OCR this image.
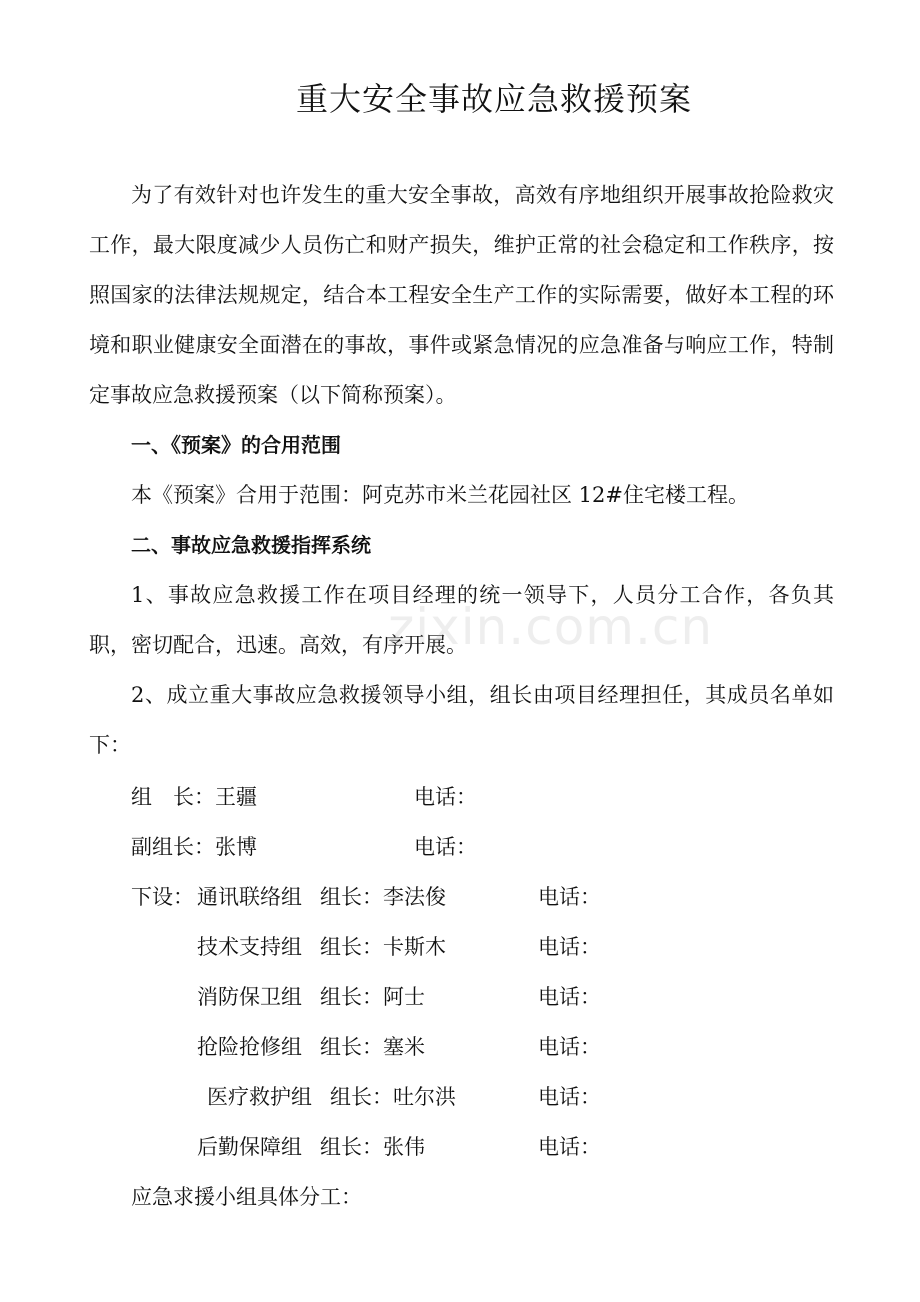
重大安全事故应急救援预案

为了有效针对也许发生的重大安全事故，高效有序地组织开展事故抢险救灾工作，最大限度减少人员伤亡和财产损失，维护正常的社会稳定和工作秩序，按照国家的法律法规规定，结合本工程安全生产工作的实际需要，做好本工程的环境和职业健康安全面潜在的事故，事件或紧急情况的应急准备与响应工作，特制定事故应急救援预案（以下简称预案）。

一、《预案》的合用范围
本《预案》合用于范围：阿克苏市米兰花园社区 12#住宅楼工程。
二、事故应急救援指挥系统

1、事故应急救援工作在项目经理的统一领导下，人员分工合作，各负其职，密切配合，迅速。高效，有序开展。

2、成立重大事故应急救援领导小组，组长由项目经理担任，其成员名单如下：

组　长：王疆	电话：
副组长：张博	电话：
下设： 通讯联络组 组长：李法俊	电话：
技术支持组 组长：卡斯木	电话：
消防保卫组 组长：阿士	电话：
抢险抢修组 组长：塞米	电话：
医疗救护组 组长：吐尔洪	电话：
后勤保障组 组长：张伟	电话：
应急求援小组具体分工：
zixin.com.cn
